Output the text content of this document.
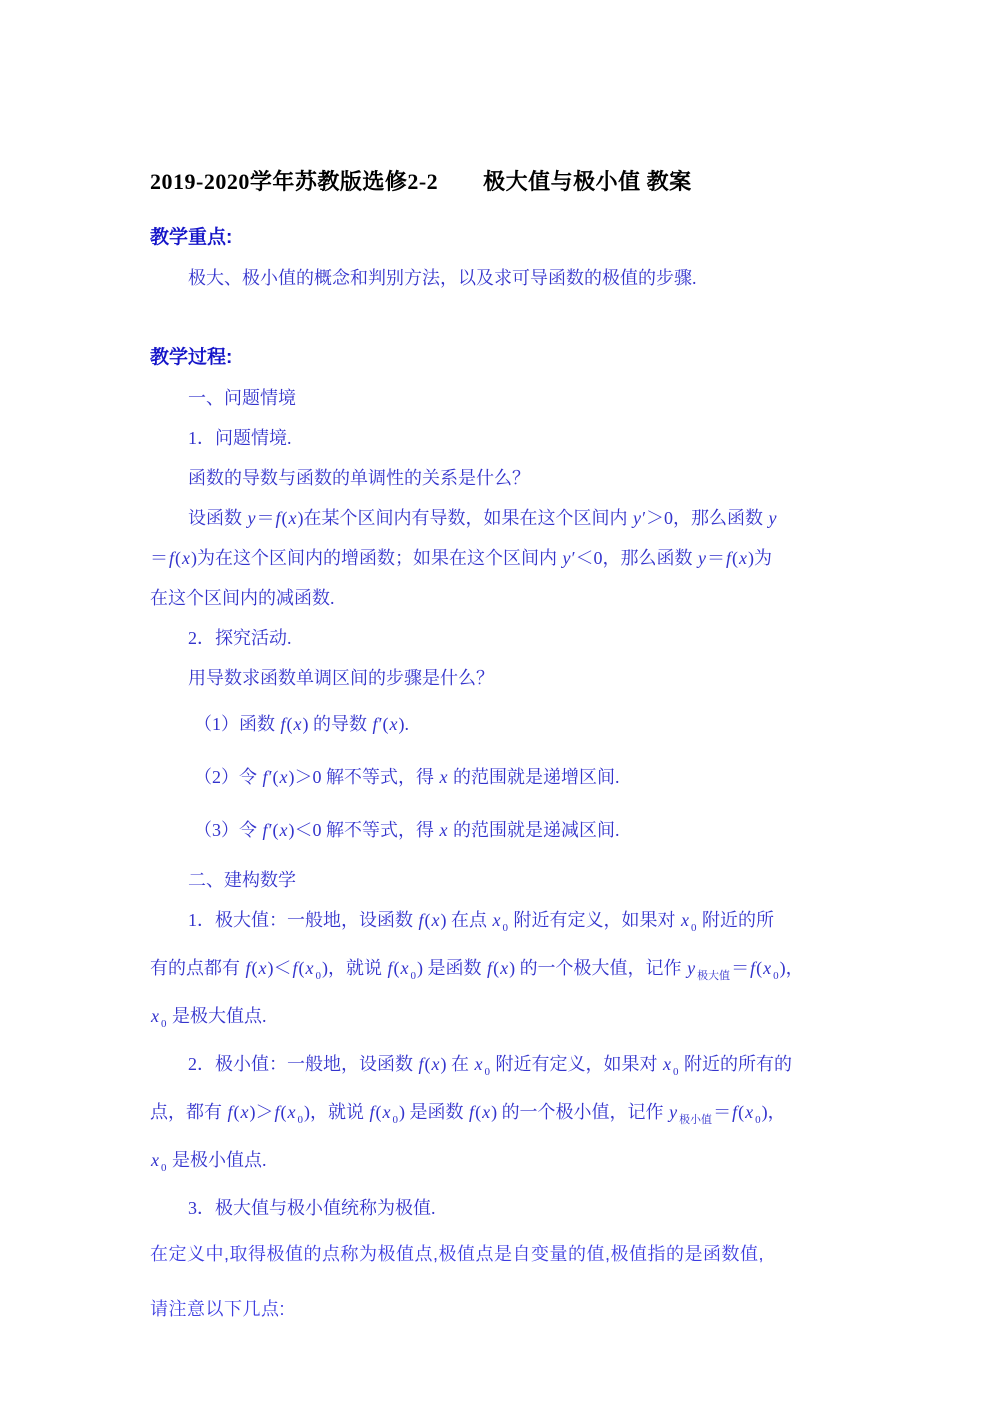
2019-2020学年苏教版选修2-2　　极大值与极小值 教案
教学重点:
极大、极小值的概念和判别方法，以及求可导函数的极值的步骤.
教学过程:
一、问题情境
1．问题情境.
函数的导数与函数的单调性的关系是什么？
设函数 y＝f(x)在某个区间内有导数，如果在这个区间内 y′＞0，那么函数 y
＝f(x)为在这个区间内的增函数；如果在这个区间内 y′＜0，那么函数 y＝f(x)为
在这个区间内的减函数.
2．探究活动.
用导数求函数单调区间的步骤是什么？
（1）函数 f(x) 的导数 f′(x).
（2）令 f′(x)＞0 解不等式，得 x 的范围就是递增区间.
（3）令 f′(x)＜0 解不等式，得 x 的范围就是递减区间.
二、建构数学
1．极大值：一般地，设函数 f(x) 在点 x $_0$ 附近有定义，如果对 x $_0$ 附近的所
有的点都有 f(x)＜f(x $_0$)，就说 f(x $_0$) 是函数 f(x) 的一个极大值，记作 y $_{极大值}$＝f(x $_0$)，
x $_0$ 是极大值点.
2．极小值：一般地，设函数 f(x) 在 x $_0$ 附近有定义，如果对 x $_0$ 附近的所有的
点，都有 f(x)＞f(x $_0$)，就说 f(x $_0$) 是函数 f(x) 的一个极小值，记作 y $_{极小值}$＝f(x $_0$)，
x $_0$ 是极小值点.
3．极大值与极小值统称为极值.
在定义中,取得极值的点称为极值点,极值点是自变量的值,极值指的是函数值,
请注意以下几点:
